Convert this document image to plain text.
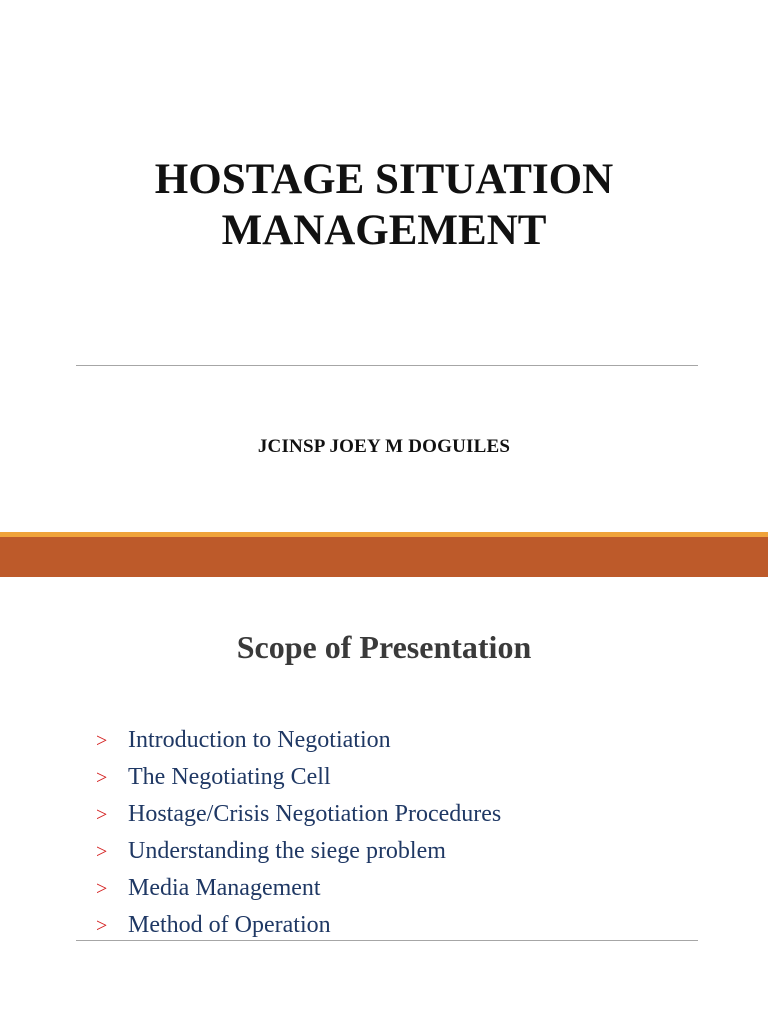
HOSTAGE SITUATION
MANAGEMENT

JCINSP JOEY M DOGUILES

Scope of Presentation
> Introduction to Negotiation
> The Negotiating Cell
> Hostage/Crisis Negotiation Procedures
> Understanding the siege problem
> Media Management
> Method of Operation
